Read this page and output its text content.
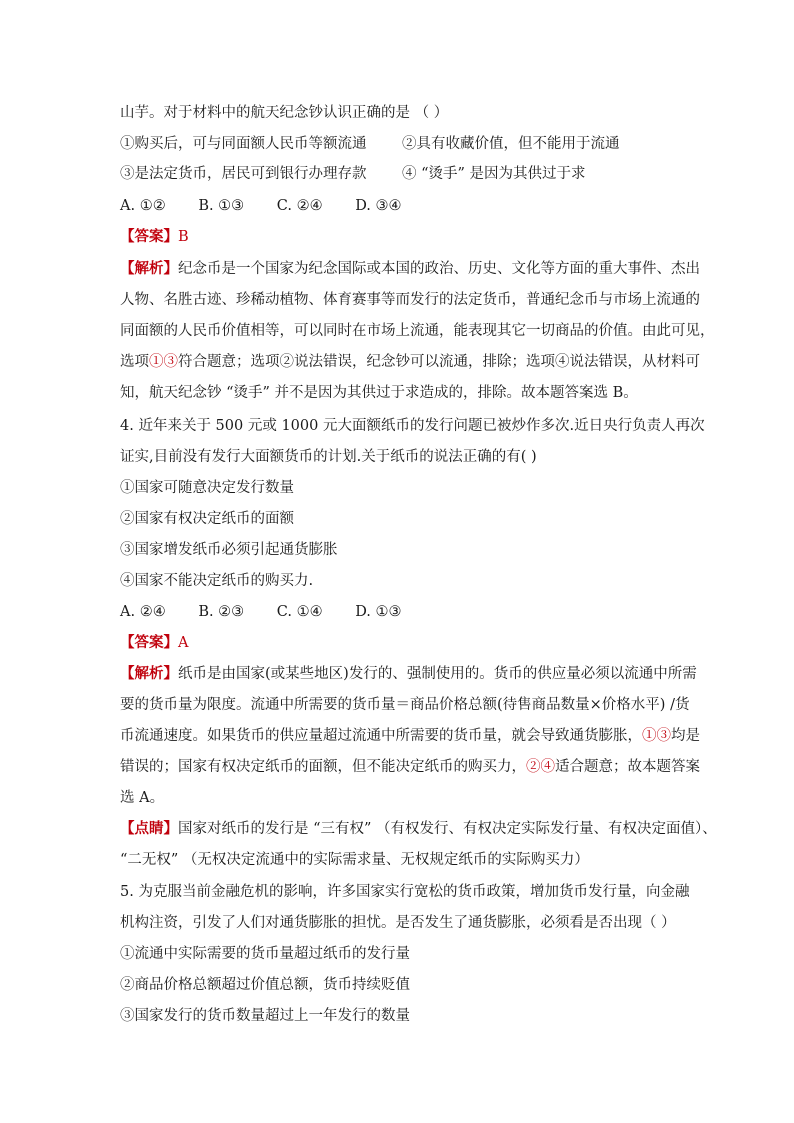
山芋。对于材料中的航天纪念钞认识正确的是 （ ）
①购买后，可与同面额人民币等额流通 ②具有收藏价值，但不能用于流通
③是法定货币，居民可到银行办理存款 ④ “烫手” 是因为其供过于求
A. ①② B. ①③ C. ②④ D. ③④
【答案】B
【解析】纪念币是一个国家为纪念国际或本国的政治、历史、文化等方面的重大事件、杰出
人物、名胜古迹、珍稀动植物、体育赛事等而发行的法定货币，普通纪念币与市场上流通的
同面额的人民币价值相等，可以同时在市场上流通，能表现其它一切商品的价值。由此可见，
选项①③符合题意；选项②说法错误，纪念钞可以流通，排除；选项④说法错误，从材料可
知，航天纪念钞 “烫手” 并不是因为其供过于求造成的，排除。故本题答案选 B。
4. 近年来关于 500 元或 1000 元大面额纸币的发行问题已被炒作多次.近日央行负责人再次
证实,目前没有发行大面额货币的计划.关于纸币的说法正确的有( )
①国家可随意决定发行数量
②国家有权决定纸币的面额
③国家增发纸币必须引起通货膨胀
④国家不能决定纸币的购买力.
A. ②④ B. ②③ C. ①④ D. ①③
【答案】A
【解析】纸币是由国家(或某些地区)发行的、强制使用的。货币的供应量必须以流通中所需
要的货币量为限度。流通中所需要的货币量＝商品价格总额(待售商品数量×价格水平) /货
币流通速度。如果货币的供应量超过流通中所需要的货币量，就会导致通货膨胀，①③均是
错误的；国家有权决定纸币的面额，但不能决定纸币的购买力，②④适合题意；故本题答案
选 A。
【点睛】国家对纸币的发行是 “三有权” （有权发行、有权决定实际发行量、有权决定面值）、
“二无权” （无权决定流通中的实际需求量、无权规定纸币的实际购买力）
5. 为克服当前金融危机的影响，许多国家实行宽松的货币政策，增加货币发行量，向金融
机构注资，引发了人们对通货膨胀的担忧。是否发生了通货膨胀，必须看是否出现（ ）
①流通中实际需要的货币量超过纸币的发行量
②商品价格总额超过价值总额，货币持续贬值
③国家发行的货币数量超过上一年发行的数量
